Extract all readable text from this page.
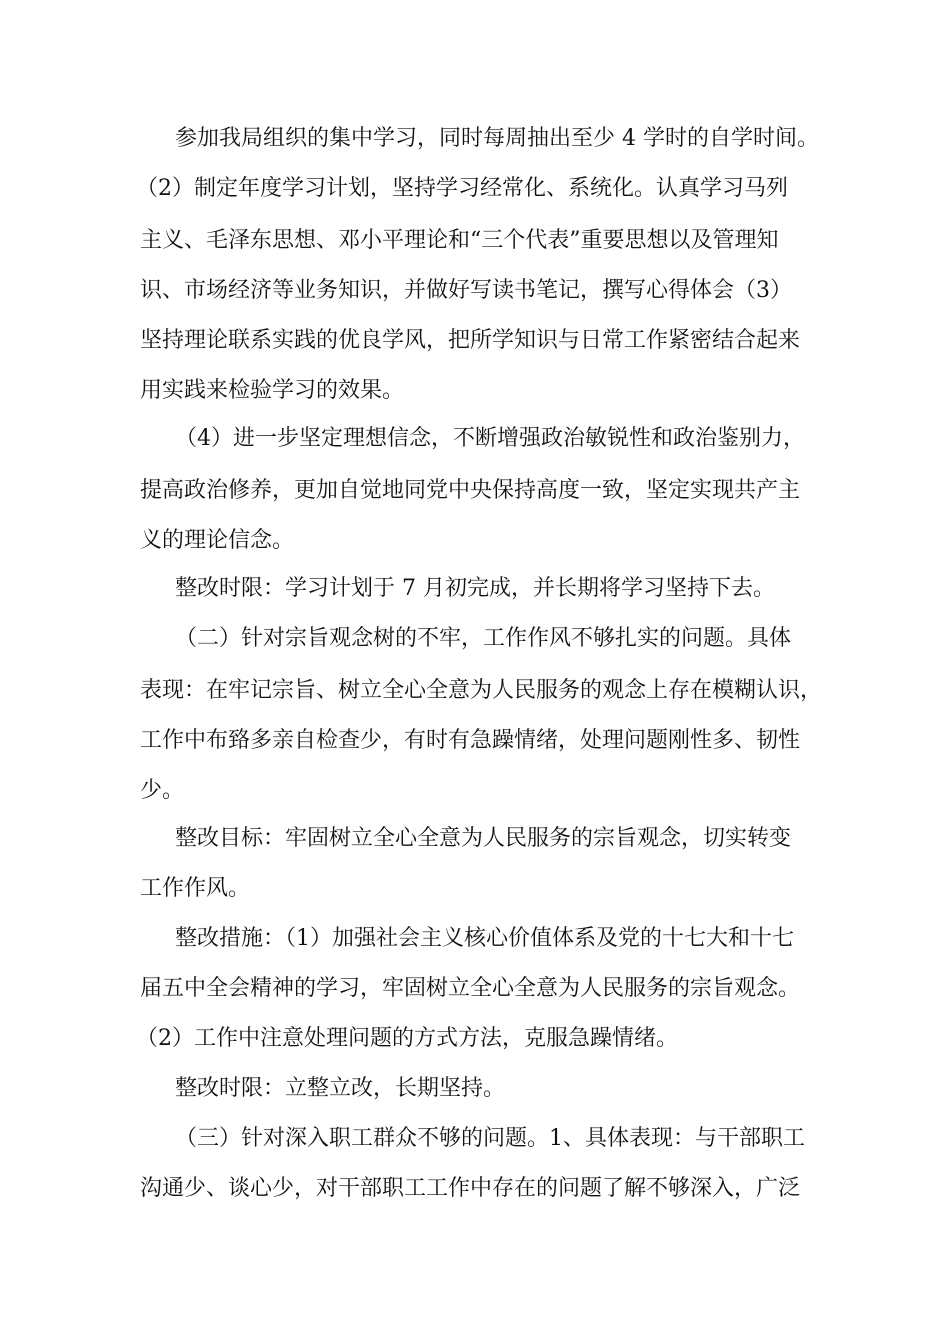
参加我局组织的集中学习，同时每周抽出至少 4 学时的自学时间。

（2）制定年度学习计划，坚持学习经常化、系统化。认真学习马列

主义、毛泽东思想、邓小平理论和“三个代表”重要思想以及管理知

识、市场经济等业务知识，并做好写读书笔记，撰写心得体会（3）

坚持理论联系实践的优良学风，把所学知识与日常工作紧密结合起来

用实践来检验学习的效果。

（4）进一步坚定理想信念，不断增强政治敏锐性和政治鉴别力，

提高政治修养，更加自觉地同党中央保持高度一致，坚定实现共产主

义的理论信念。

整改时限：学习计划于 7 月初完成，并长期将学习坚持下去。

（二）针对宗旨观念树的不牢，工作作风不够扎实的问题。具体

表现：在牢记宗旨、树立全心全意为人民服务的观念上存在模糊认识，

工作中布臵多亲自检查少，有时有急躁情绪，处理问题刚性多、韧性

少。

整改目标：牢固树立全心全意为人民服务的宗旨观念，切实转变

工作作风。

整改措施：（1）加强社会主义核心价值体系及党的十七大和十七

届五中全会精神的学习，牢固树立全心全意为人民服务的宗旨观念。

（2）工作中注意处理问题的方式方法，克服急躁情绪。

整改时限：立整立改，长期坚持。

（三）针对深入职工群众不够的问题。1、具体表现：与干部职工

沟通少、谈心少，对干部职工工作中存在的问题了解不够深入，广泛
